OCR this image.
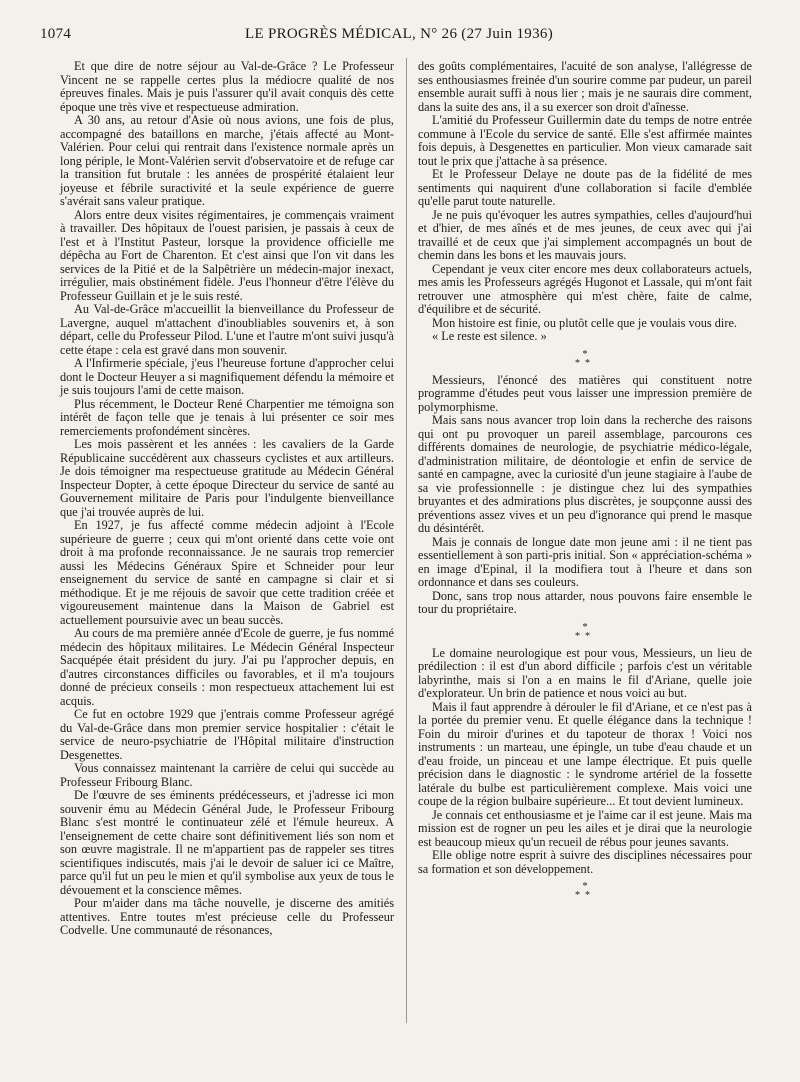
1074	LE PROGRÈS MÉDICAL, N° 26 (27 Juin 1936)

Et que dire de notre séjour au Val-de-Grâce ? Le Professeur Vincent ne se rappelle certes plus la médiocre qualité de nos épreuves finales. Mais je puis l'assurer qu'il avait conquis dès cette époque une très vive et respectueuse admiration.

A 30 ans, au retour d'Asie où nous avions, une fois de plus, accompagné des bataillons en marche, j'étais affecté au Mont-Valérien. Pour celui qui rentrait dans l'existence normale après un long périple, le Mont-Valérien servit d'observatoire et de refuge car la transition fut brutale : les années de prospérité étalaient leur joyeuse et fébrile suractivité et la seule expérience de guerre s'avérait sans valeur pratique.

Alors entre deux visites régimentaires, je commençais vraiment à travailler. Des hôpitaux de l'ouest parisien, je passais à ceux de l'est et à l'Institut Pasteur, lorsque la providence officielle me dépêcha au Fort de Charenton. Et c'est ainsi que l'on vit dans les services de la Pitié et de la Salpêtrière un médecin-major inexact, irrégulier, mais obstinément fidèle. J'eus l'honneur d'être l'élève du Professeur Guillain et je le suis resté.

Au Val-de-Grâce m'accueillit la bienveillance du Professeur de Lavergne, auquel m'attachent d'inoubliables souvenirs et, à son départ, celle du Professeur Pilod. L'une et l'autre m'ont suivi jusqu'à cette étape : cela est gravé dans mon souvenir.

A l'Infirmerie spéciale, j'eus l'heureuse fortune d'approcher celui dont le Docteur Heuyer a si magnifiquement défendu la mémoire et je suis toujours l'ami de cette maison.

Plus récemment, le Docteur René Charpentier me témoigna son intérêt de façon telle que je tenais à lui présenter ce soir mes remerciements profondément sincères.

Les mois passèrent et les années : les cavaliers de la Garde Républicaine succédèrent aux chasseurs cyclistes et aux artilleurs. Je dois témoigner ma respectueuse gratitude au Médecin Général Inspecteur Dopter, à cette époque Directeur du service de santé au Gouvernement militaire de Paris pour l'indulgente bienveillance que j'ai trouvée auprès de lui.

En 1927, je fus affecté comme médecin adjoint à l'Ecole supérieure de guerre ; ceux qui m'ont orienté dans cette voie ont droit à ma profonde reconnaissance. Je ne saurais trop remercier aussi les Médecins Généraux Spire et Schneider pour leur enseignement du service de santé en campagne si clair et si méthodique. Et je me réjouis de savoir que cette tradition créée et vigoureusement maintenue dans la Maison de Gabriel est actuellement poursuivie avec un beau succès.

Au cours de ma première année d'Ecole de guerre, je fus nommé médecin des hôpitaux militaires. Le Médecin Général Inspecteur Sacquépée était président du jury. J'ai pu l'approcher depuis, en d'autres circonstances difficiles ou favorables, et il m'a toujours donné de précieux conseils : mon respectueux attachement lui est acquis.

Ce fut en octobre 1929 que j'entrais comme Professeur agrégé du Val-de-Grâce dans mon premier service hospitalier : c'était le service de neuro-psychiatrie de l'Hôpital militaire d'instruction Desgenettes.

Vous connaissez maintenant la carrière de celui qui succède au Professeur Fribourg Blanc.

De l'œuvre de ses éminents prédécesseurs, et j'adresse ici mon souvenir ému au Médecin Général Jude, le Professeur Fribourg Blanc s'est montré le continuateur zélé et l'émule heureux. A l'enseignement de cette chaire sont définitivement liés son nom et son œuvre magistrale. Il ne m'appartient pas de rappeler ses titres scientifiques indiscutés, mais j'ai le devoir de saluer ici ce Maître, parce qu'il fut un peu le mien et qu'il symbolise aux yeux de tous le dévouement et la conscience mêmes.

Pour m'aider dans ma tâche nouvelle, je discerne des amitiés attentives. Entre toutes m'est précieuse celle du Professeur Codvelle. Une communauté de résonances,

des goûts complémentaires, l'acuité de son analyse, l'allégresse de ses enthousiasmes freinée d'un sourire comme par pudeur, un pareil ensemble aurait suffi à nous lier ; mais je ne saurais dire comment, dans la suite des ans, il a su exercer son droit d'aînesse.

L'amitié du Professeur Guillermin date du temps de notre entrée commune à l'Ecole du service de santé. Elle s'est affirmée maintes fois depuis, à Desgenettes en particulier. Mon vieux camarade sait tout le prix que j'attache à sa présence.

Et le Professeur Delaye ne doute pas de la fidélité de mes sentiments qui naquirent d'une collaboration si facile d'emblée qu'elle parut toute naturelle.

Je ne puis qu'évoquer les autres sympathies, celles d'aujourd'hui et d'hier, de mes aînés et de mes jeunes, de ceux avec qui j'ai travaillé et de ceux que j'ai simplement accompagnés un bout de chemin dans les bons et les mauvais jours.

Cependant je veux citer encore mes deux collaborateurs actuels, mes amis les Professeurs agrégés Hugonot et Lassale, qui m'ont fait retrouver une atmosphère qui m'est chère, faite de calme, d'équilibre et de sécurité.

Mon histoire est finie, ou plutôt celle que je voulais vous dire.

« Le reste est silence. »

*
**

Messieurs, l'énoncé des matières qui constituent notre programme d'études peut vous laisser une impression première de polymorphisme.

Mais sans nous avancer trop loin dans la recherche des raisons qui ont pu provoquer un pareil assemblage, parcourons ces différents domaines de neurologie, de psychiatrie médico-légale, d'administration militaire, de déontologie et enfin de service de santé en campagne, avec la curiosité d'un jeune stagiaire à l'aube de sa vie professionnelle : je distingue chez lui des sympathies bruyantes et des admirations plus discrètes, je soupçonne aussi des préventions assez vives et un peu d'ignorance qui prend le masque du désintérêt.

Mais je connais de longue date mon jeune ami : il ne tient pas essentiellement à son parti-pris initial. Son « appréciation-schéma » en image d'Epinal, il la modifiera tout à l'heure et dans son ordonnance et dans ses couleurs.

Donc, sans trop nous attarder, nous pouvons faire ensemble le tour du propriétaire.

*
**

Le domaine neurologique est pour vous, Messieurs, un lieu de prédilection : il est d'un abord difficile ; parfois c'est un véritable labyrinthe, mais si l'on a en mains le fil d'Ariane, quelle joie d'explorateur. Un brin de patience et nous voici au but.

Mais il faut apprendre à dérouler le fil d'Ariane, et ce n'est pas à la portée du premier venu. Et quelle élégance dans la technique ! Foin du miroir d'urines et du tapoteur de thorax ! Voici nos instruments : un marteau, une épingle, un tube d'eau chaude et un d'eau froide, un pinceau et une lampe électrique. Et puis quelle précision dans le diagnostic : le syndrome artériel de la fossette latérale du bulbe est particulièrement complexe. Mais voici une coupe de la région bulbaire supérieure... Et tout devient lumineux.

Je connais cet enthousiasme et je l'aime car il est jeune. Mais ma mission est de rogner un peu les ailes et je dirai que la neurologie est beaucoup mieux qu'un recueil de rébus pour jeunes savants.

Elle oblige notre esprit à suivre des disciplines nécessaires pour sa formation et son développement.

*
**
